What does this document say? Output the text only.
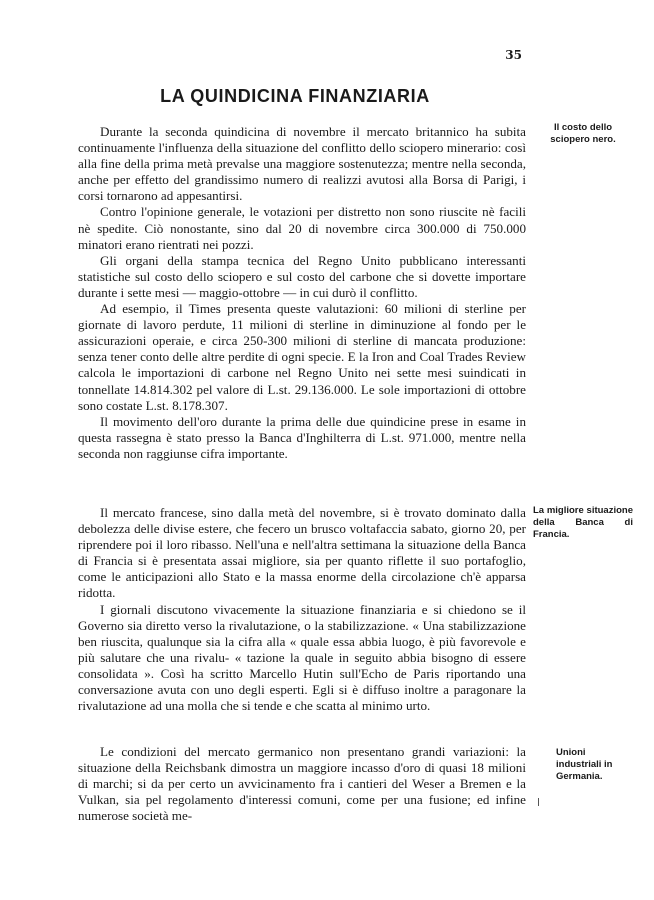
35
LA QUINDICINA FINANZIARIA

Durante la seconda quindicina di novembre il mercato britannico ha subita continuamente l'influenza della situazione del conflitto dello sciopero minerario: così alla fine della prima metà prevalse una maggiore sostenutezza; mentre nella seconda, anche per effetto del grandissimo numero di realizzi avutosi alla Borsa di Parigi, i corsi tornarono ad appesantirsi.

Contro l'opinione generale, le votazioni per distretto non sono riuscite nè facili nè spedite. Ciò nonostante, sino dal 20 di novembre circa 300.000 di 750.000 minatori erano rientrati nei pozzi.

Gli organi della stampa tecnica del Regno Unito pubblicano interessanti statistiche sul costo dello sciopero e sul costo del carbone che si dovette importare durante i sette mesi — maggio-ottobre — in cui durò il conflitto.

Ad esempio, il Times presenta queste valutazioni: 60 milioni di sterline per giornate di lavoro perdute, 11 milioni di sterline in diminuzione al fondo per le assicurazioni operaie, e circa 250-300 milioni di sterline di mancata produzione: senza tener conto delle altre perdite di ogni specie. E la Iron and Coal Trades Review calcola le importazioni di carbone nel Regno Unito nei sette mesi suindicati in tonnellate 14.814.302 pel valore di L.st. 29.136.000. Le sole importazioni di ottobre sono costate L.st. 8.178.307.

Il movimento dell'oro durante la prima delle due quindicine prese in esame in questa rassegna è stato presso la Banca d'Inghilterra di L.st. 971.000, mentre nella seconda non raggiunse cifra importante.

Il costo dello sciopero nero.

Il mercato francese, sino dalla metà del novembre, si è trovato dominato dalla debolezza delle divise estere, che fecero un brusco voltafaccia sabato, giorno 20, per riprendere poi il loro ribasso. Nell'una e nell'altra settimana la situazione della Banca di Francia si è presentata assai migliore, sia per quanto riflette il suo portafoglio, come le anticipazioni allo Stato e la massa enorme della circolazione ch'è apparsa ridotta.

I giornali discutono vivacemente la situazione finanziaria e si chiedono se il Governo sia diretto verso la rivalutazione, o la stabilizzazione. « Una stabilizzazione ben riuscita, qualunque sia la cifra alla « quale essa abbia luogo, è più favorevole e più salutare che una rivalu- « tazione la quale in seguito abbia bisogno di essere consolidata ». Così ha scritto Marcello Hutin sull'Echo de Paris riportando una conversazione avuta con uno degli esperti. Egli si è diffuso inoltre a paragonare la rivalutazione ad una molla che si tende e che scatta al minimo urto.

La migliore situazione della Banca di Francia.

Le condizioni del mercato germanico non presentano grandi variazioni: la situazione della Reichsbank dimostra un maggiore incasso d'oro di quasi 18 milioni di marchi; si da per certo un avvicinamento fra i cantieri del Weser a Bremen e la Vulkan, sia pel regolamento d'interessi comuni, come per una fusione; ed infine numerose società me-

Unioni industriali in Germania.
